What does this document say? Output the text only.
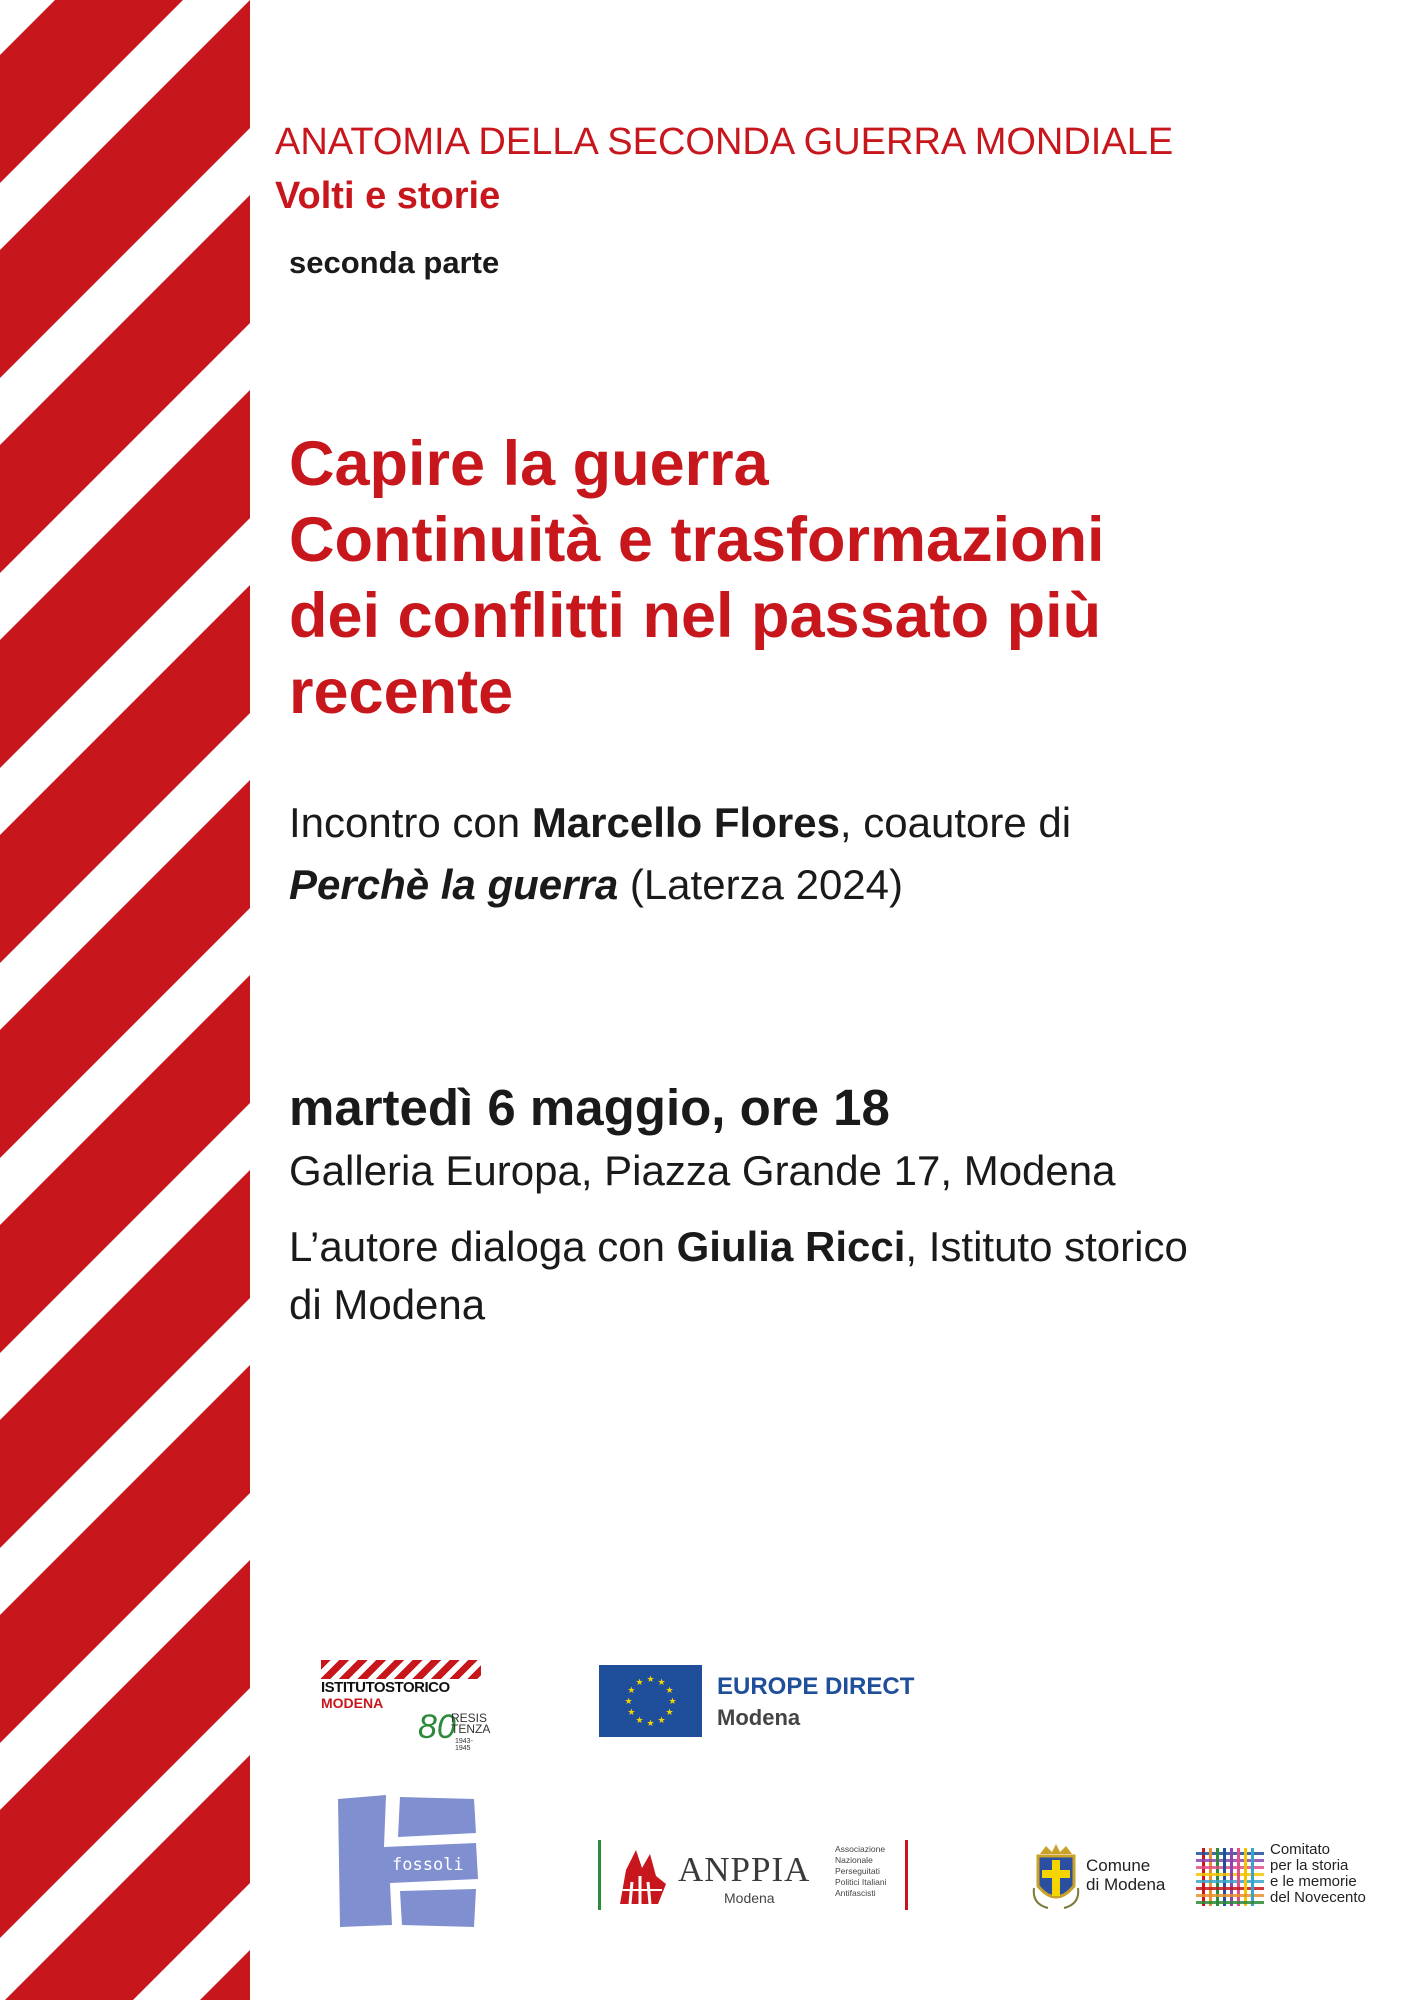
ANATOMIA DELLA SECONDA GUERRA MONDIALE
Volti e storie
seconda parte
Capire la guerra
Continuità e trasformazioni
dei conflitti nel passato più
recente
Incontro con Marcello Flores, coautore di
Perchè la guerra (Laterza 2024)
martedì 6 maggio, ore 18
Galleria Europa, Piazza Grande 17, Modena
L’autore dialoga con Giulia Ricci, Istituto storico
di Modena
ISTITUTOSTORICO
MODENA
80
RESIS
TENZA
1943-1945
★ ★
★
★
★
★
★
★
★
★
★
★	EUROPE DIRECT
Modena
fossoli	ANPPIA
Modena
Associazione
Nazionale
Perseguitati
Politici Italiani
Antifascisti
Comune
di Modena
Comitato
per la storia
e le memorie
del Novecento
